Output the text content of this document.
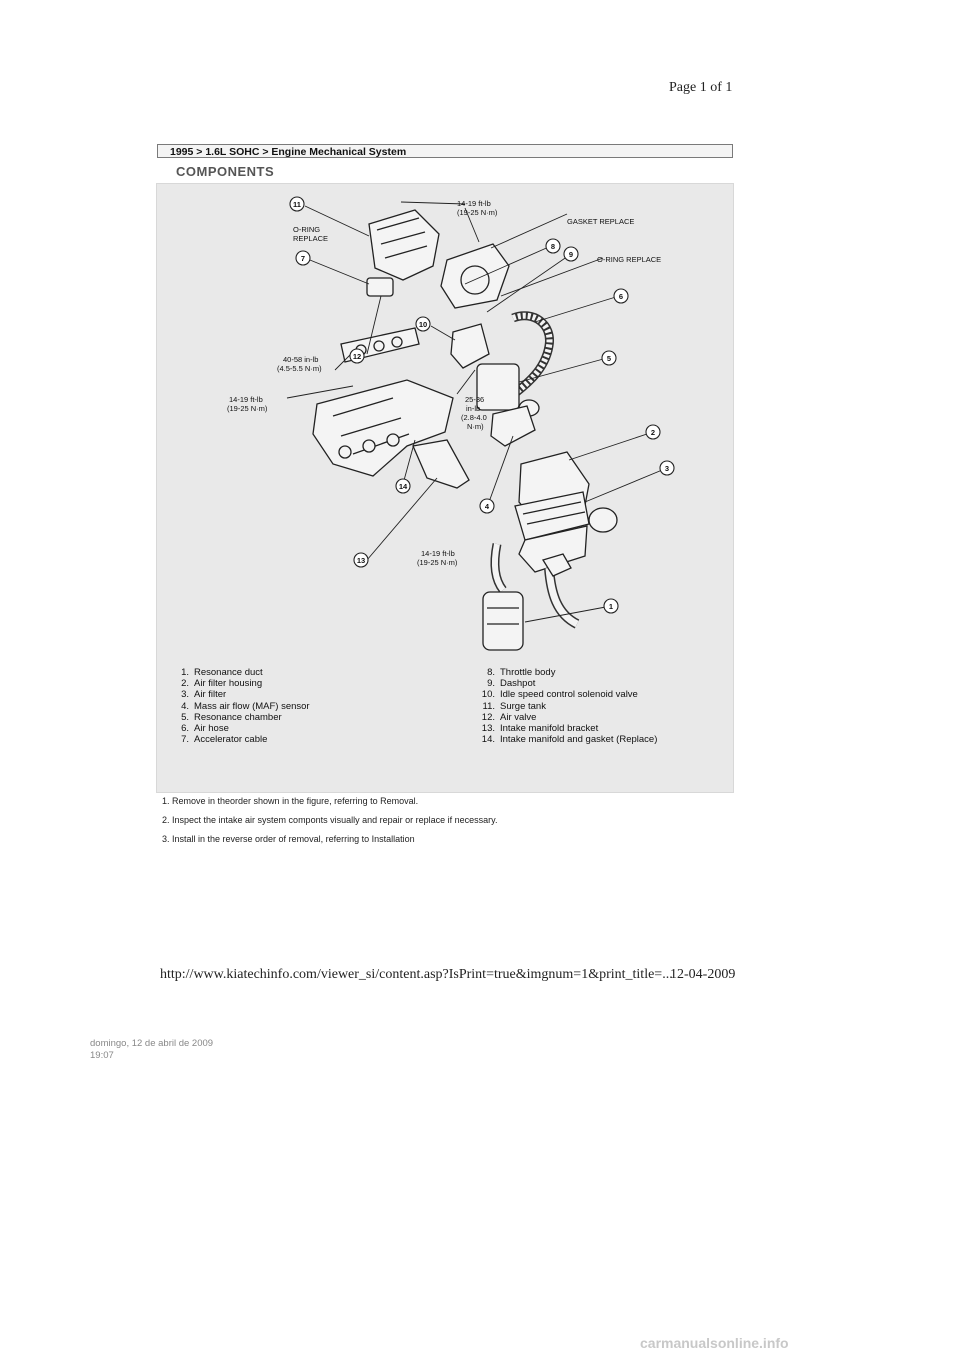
Page 1 of 1
1995 > 1.6L SOHC > Engine Mechanical System
COMPONENTS
11
7
12
10
8
9
6
5
2
3
4
14
13
1
14-19 ft-lb
(19-25 N·m)
GASKET REPLACE
O-RING REPLACE
O-RING
REPLACE
40-58 in-lb
(4.5-5.5 N·m)
14-19 ft-lb
(19-25 N·m)
25-36
in-lb
(2.8-4.0
N·m)
14-19 ft-lb
(19-25 N·m)
1. Resonance duct
2. Air filter housing
3. Air filter
4. Mass air flow (MAF) sensor
5. Resonance chamber
6. Air hose
7. Accelerator cable
8. Throttle body
9. Dashpot
10. Idle speed control solenoid valve
11. Surge tank
12. Air valve
13. Intake manifold bracket
14. Intake manifold and gasket (Replace)
1. Remove in theorder shown in the figure, referring to Removal.
2. Inspect the intake air system componts visually and repair or replace if necessary.
3. Install in the reverse order of removal, referring to Installation
http://www.kiatechinfo.com/viewer_si/content.asp?IsPrint=true&imgnum=1&print_title=...
12-04-2009
domingo, 12 de abril de 2009
19:07
carmanualsonline.info
